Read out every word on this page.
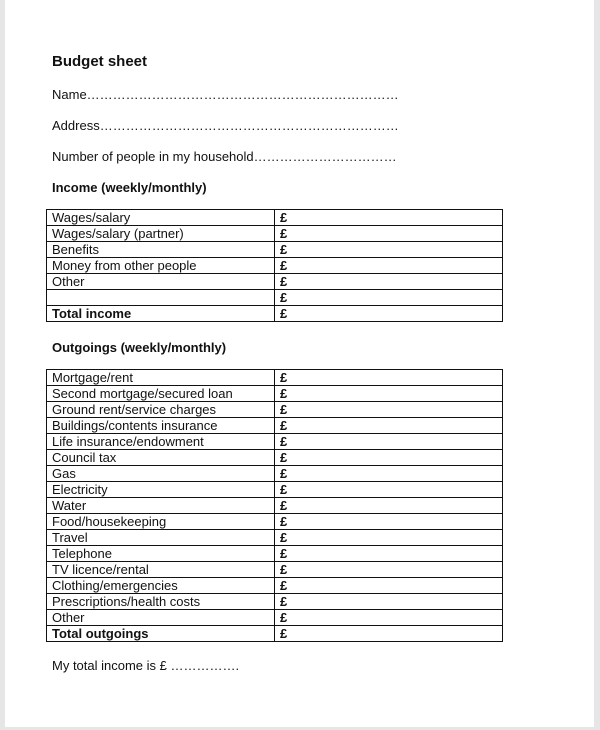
Budget sheet
Name………………………………………………………………
Address……………………………………………………………
Number of people in my household……………………………
Income (weekly/monthly)
Wages/salary	£
Wages/salary (partner)	£
Benefits	£
Money from other people	£
Other	£
	£
Total income	£
Outgoings (weekly/monthly)
Mortgage/rent	£
Second mortgage/secured loan	£
Ground rent/service charges	£
Buildings/contents insurance	£
Life insurance/endowment	£
Council tax	£
Gas	£
Electricity	£
Water	£
Food/housekeeping	£
Travel	£
Telephone	£
TV licence/rental	£
Clothing/emergencies	£
Prescriptions/health costs	£
Other	£
Total outgoings	£
My total income is £ …………….
